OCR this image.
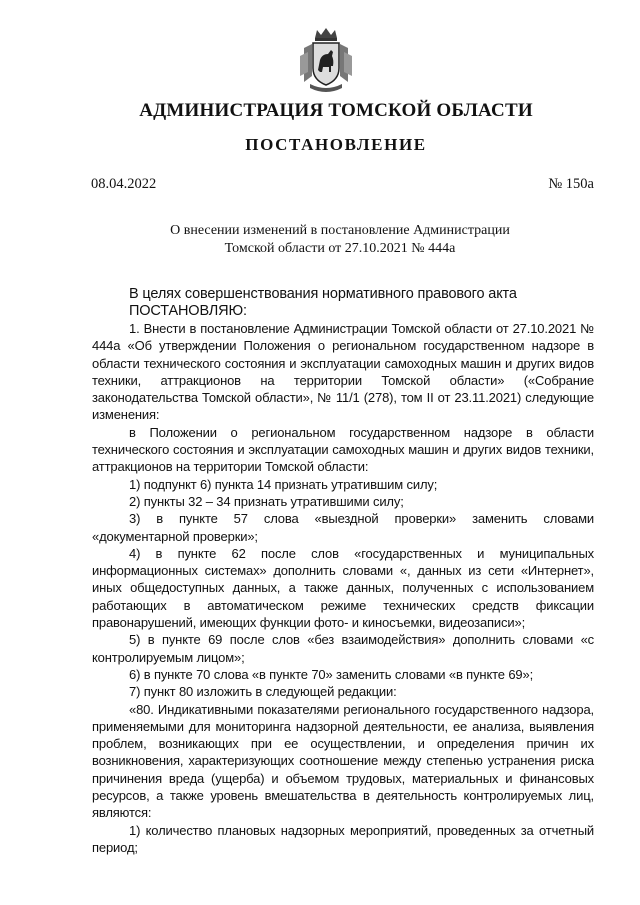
АДМИНИСТРАЦИЯ ТОМСКОЙ ОБЛАСТИ
ПОСТАНОВЛЕНИЕ
08.04.2022	№ 150а
О внесении изменений в постановление Администрации
Томской области от 27.10.2021 № 444а

В целях совершенствования нормативного правового акта

ПОСТАНОВЛЯЮ:

1. Внести в постановление Администрации Томской области от 27.10.2021 № 444а «Об утверждении Положения о региональном государственном надзоре в области технического состояния и эксплуатации самоходных машин и других видов техники, аттракционов на территории Томской области» («Собрание законодательства Томской области», № 11/1 (278), том II от 23.11.2021) следующие изменения:

в Положении о региональном государственном надзоре в области технического состояния и эксплуатации самоходных машин и других видов техники, аттракционов на территории Томской области:

1) подпункт 6) пункта 14 признать утратившим силу;

2) пункты 32 – 34 признать утратившими силу;

3) в пункте 57 слова «выездной проверки» заменить словами «документарной проверки»;

4) в пункте 62 после слов «государственных и муниципальных информационных системах» дополнить словами «, данных из сети «Интернет», иных общедоступных данных, а также данных, полученных с использованием работающих в автоматическом режиме технических средств фиксации правонарушений, имеющих функции фото- и киносъемки, видеозаписи»;

5) в пункте 69 после слов «без взаимодействия» дополнить словами «с контролируемым лицом»;

6) в пункте 70 слова «в пункте 70» заменить словами «в пункте 69»;

7) пункт 80 изложить в следующей редакции:

«80. Индикативными показателями регионального государственного надзора, применяемыми для мониторинга надзорной деятельности, ее анализа, выявления проблем, возникающих при ее осуществлении, и определения причин их возникновения, характеризующих соотношение между степенью устранения риска причинения вреда (ущерба) и объемом трудовых, материальных и финансовых ресурсов, а также уровень вмешательства в деятельность контролируемых лиц, являются:

1) количество плановых надзорных мероприятий, проведенных за отчетный период;
